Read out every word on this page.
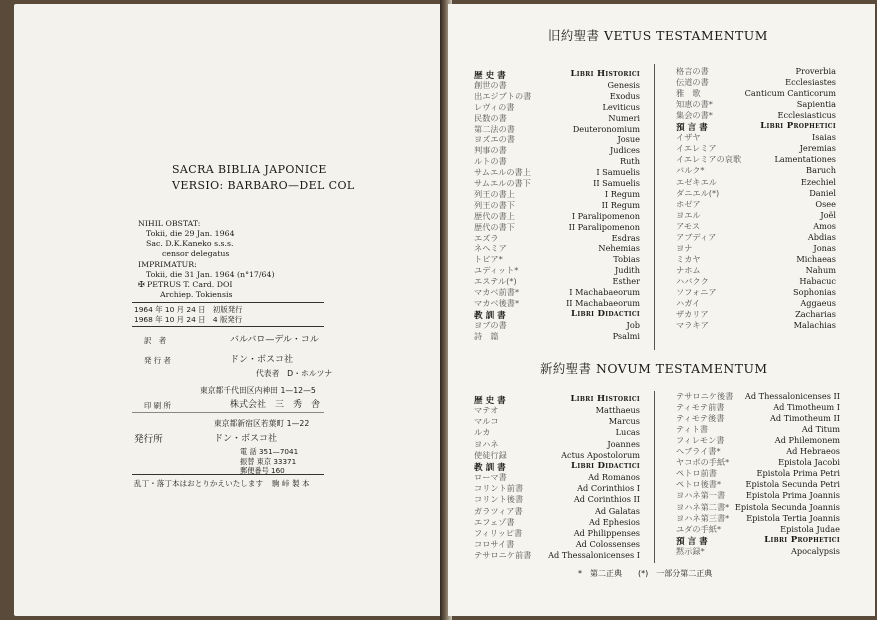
SACRA BIBLIA JAPONICE
VERSIO: BARBARO—DEL COL
NIHIL OBSTAT:
Tokii, die 29 Jan. 1964
Sac. D.K.Kaneko s.s.s.
censor delegatus
IMPRIMATUR:
Tokii, die 31 Jan. 1964 (n°17/64)
✠ PETRUS T. Card. DOI
Archiep. Tokiensis
1964 年 10 月 24 日　初版発行
1968 年 10 月 24 日　4 版発行
訳　者	バルバロ—デル・コル
発 行 者	ドン・ボスコ社
代表者　D・ホルツナ
東京都千代田区内神田 1—12—5
印 刷 所	株式会社　三　秀　舎
東京都新宿区若葉町 1—22
発行所	ドン・ボスコ社
電 話 351—7041
振替 東京 33371
郵便番号 160
乱丁・落丁本はおとりかえいたします 駒 峠 製 本
旧約聖書 VETUS TESTAMENTUM
歴 史 書	Libri Historici
創世の書	Genesis
出エジプトの書	Exodus
レヴィの書	Leviticus
民数の書	Numeri
第二法の書	Deuteronomium
ヨズエの書	Josue
判事の書	Judices
ルトの書	Ruth
サムエルの書上	I Samuelis
サムエルの書下	II Samuelis
列王の書上	I Regum
列王の書下	II Regum
歴代の書上	I Paralipomenon
歴代の書下	II Paralipomenon
エズラ	Esdras
ネヘミア	Nehemias
トビア*	Tobias
ユディット*	Judith
エステル(*)	Esther
マカベ前書*	I Machabaeorum
マカベ後書*	II Machabaeorum
教 訓 書	Libri Didactici
ヨブの書	Job
詩　篇	Psalmi
格言の書	Proverbia
伝道の書	Ecclesiastes
雅　歌	Canticum Canticorum
知恵の書*	Sapientia
集会の書*	Ecclesiasticus
預 言 書	Libri Prophetici
イザヤ	Isaias
イエレミア	Jeremias
イエレミアの哀歌	Lamentationes
バルク*	Baruch
エゼキエル	Ezechiel
ダニエル(*)	Daniel
ホゼア	Osee
ヨエル	Joël
アモス	Amos
アブディア	Abdias
ヨナ	Jonas
ミカヤ	Michaeas
ナホム	Nahum
ハバクク	Habacuc
ソフォニア	Sophonias
ハガイ	Aggaeus
ザカリア	Zacharias
マラキア	Malachias
新約聖書 NOVUM TESTAMENTUM
歴 史 書	Libri Historici
マテオ	Matthaeus
マルコ	Marcus
ルカ	Lucas
ヨハネ	Joannes
使徒行録	Actus Apostolorum
教 訓 書	Libri Didactici
ローマ書	Ad Romanos
コリント前書	Ad Corinthios I
コリント後書	Ad Corinthios II
ガラツィア書	Ad Galatas
エフェゾ書	Ad Ephesios
フィリッピ書	Ad Philippenses
コロサイ書	Ad Colossenses
テサロニケ前書 Ad Thessalonicenses I
テサロニケ後書 Ad Thessalonicenses II
ティモテ前書	Ad Timotheum I
ティモテ後書	Ad Timotheum II
ティト書	Ad Titum
フィレモン書	Ad Philemonem
ヘブライ書*	Ad Hebraeos
ヤコボの手紙*	Epistola Jacobi
ペトロ前書	Epistola Prima Petri
ペトロ後書*	Epistola Secunda Petri
ヨハネ第一書	Epistola Prima Joannis
ヨハネ第二書* Epistola Secunda Joannis
ヨハネ第三書* Epistola Tertia Joannis
ユダの手紙*	Epistola Judae
預 言 書	Libri Prophetici
黙示録*	Apocalypsis
*　第二正典　　(*)　一部分第二正典
